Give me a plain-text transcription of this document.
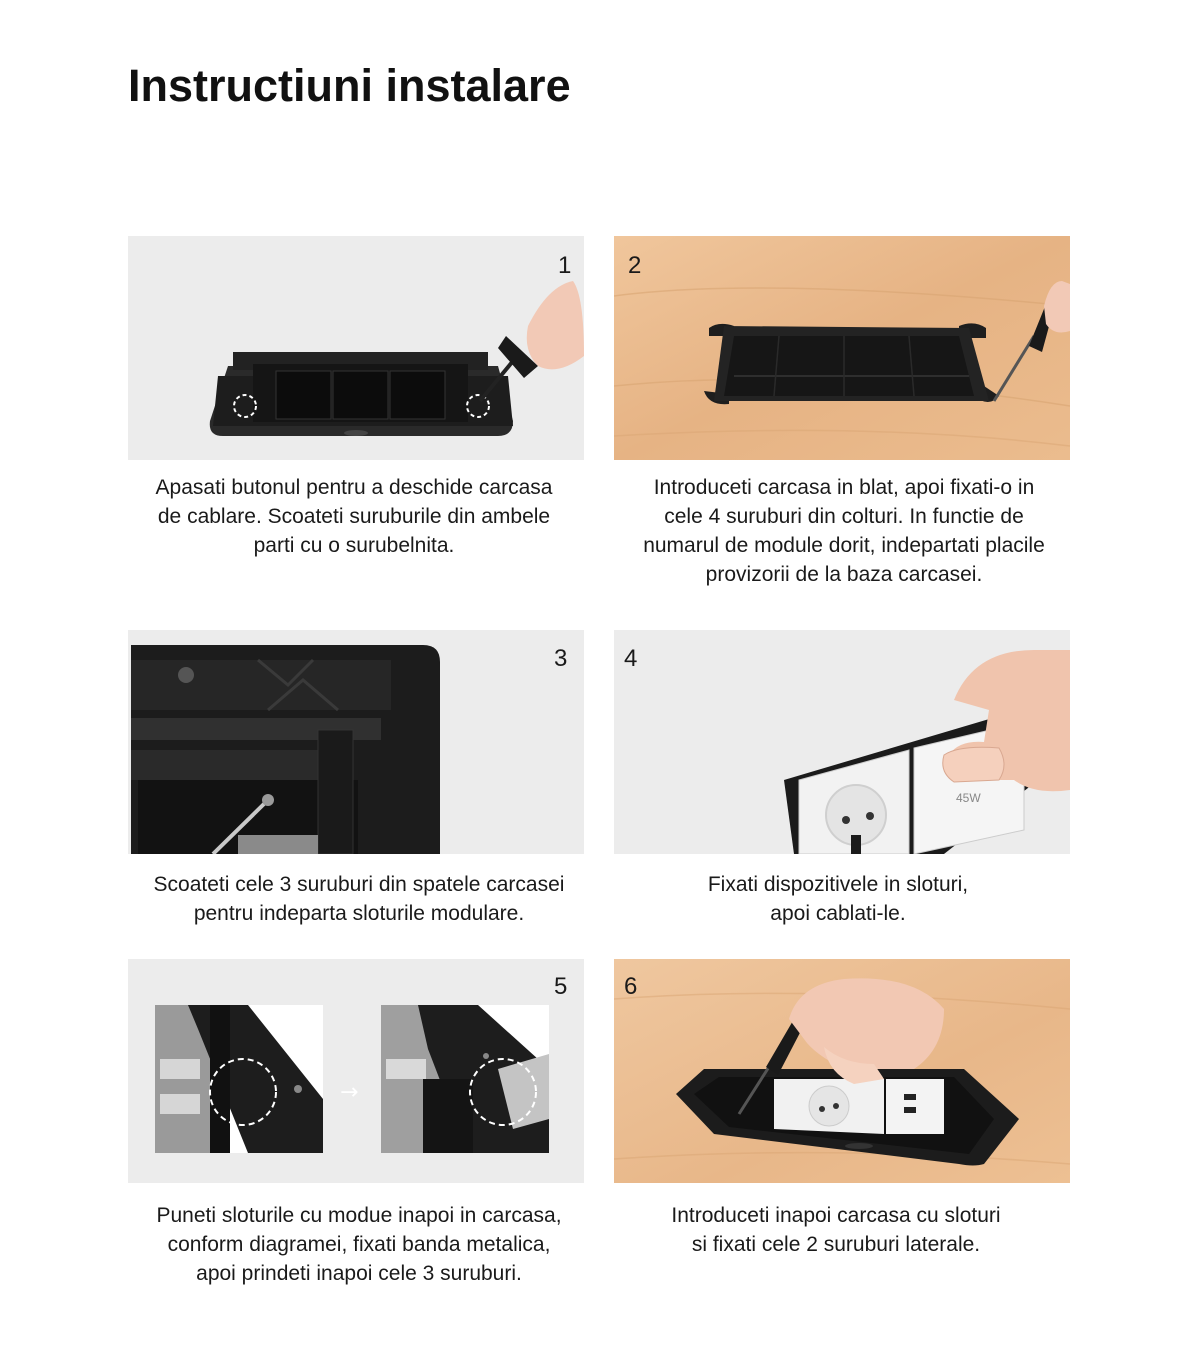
Instructiuni instalare
1
Apasati butonul pentru a deschide carcasa
de cablare. Scoateti suruburile din ambele
parti cu o surubelnita.
2
Introduceti carcasa in blat, apoi fixati-o in
cele 4 suruburi din colturi. In functie de
numarul de module dorit, indepartati placile
provizorii de la baza carcasei.
3
Scoateti cele 3 suruburi din spatele carcasei
pentru indeparta sloturile modulare.
45W
4
Fixati dispozitivele in sloturi,
apoi cablati-le.
→
5
Puneti sloturile cu modue inapoi in carcasa,
conform diagramei, fixati banda metalica,
apoi prindeti inapoi cele 3 suruburi.
6
Introduceti inapoi carcasa cu sloturi
si fixati cele 2 suruburi laterale.
